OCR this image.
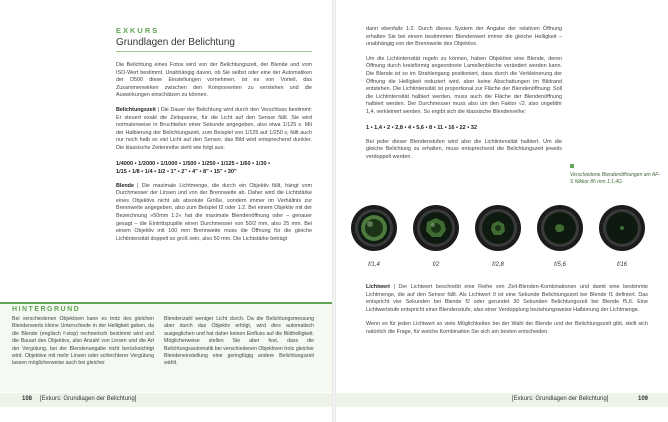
EXKURS
Grundlagen der Belichtung

Die Belichtung eines Fotos wird von der Belichtungszeit, der Blende und vom ISO-Wert bestimmt. Unabhängig davon, ob Sie selbst oder eine der Automatiken der D500 diese Einstellungen vornehmen, ist es von Vorteil, das Zusammenwirken zwischen den Komponenten zu verstehen und die Auswirkungen einschätzen zu können.

Belichtungszeit | Die Dauer der Belichtung wird durch den Verschluss bestimmt: Er steuert exakt die Zeitspanne, für die Licht auf den Sensor fällt. Sie wird normalerweise in Bruchteilen einer Sekunde angegeben, also etwa 1/125 s. Mit der Halbierung der Belichtungszeit, zum Beispiel von 1/125 auf 1/250 s, fällt auch nur noch halb so viel Licht auf den Sensor, das Bild wird entsprechend dunkler. Die klassische Zeitenreihe sieht wie folgt aus:

1/4000 • 1/2000 • 1/1000 • 1/500 • 1/250 • 1/125 • 1/60 • 1/30 •
1/15 • 1/8 • 1/4 • 1/2 • 1" • 2" • 4" • 8" • 15" • 30"

Blende | Die maximale Lichtmenge, die durch ein Objektiv fällt, hängt vom Durchmesser der Linsen und von der Brennweite ab. Daher wird die Lichtstärke eines Objektivs nicht als absolute Größe, sondern immer im Verhältnis zur Brennweite angegeben, also zum Beispiel f2 oder 1:2. Bei einem Objektiv mit der Bezeichnung »50mm 1:2« hat die maximale Blendenöffnung oder – genauer gesagt – die Eintrittspupille einen Durchmesser von 50/2 mm, also 25 mm. Bei einem Objektiv mit 100 mm Brennweite muss die Öffnung für die gleiche Lichtintensität doppelt so groß sein, also 50 mm. Die Lichtstärke beträgt

HINTERGRUND
Bei verschiedenen Objektiven kann es trotz des gleichen Blendenwerts kleine Unterschiede in der Helligkeit geben, da die Blende (englisch f-stop) rechnerisch bestimmt wird und die Bauart des Objektivs, also Anzahl von Linsen und die Art der Vergütung, bei der Blendenangabe nicht berücksichtigt wird. Objektive mit mehr Linsen oder schlechterer Vergütung lassen möglicherweise auch bei gleicher
Blendenzahl weniger Licht durch. Da die Belichtungsmessung aber durch das Objektiv erfolgt, wird dies automatisch ausgeglichen und hat daher keinen Einfluss auf die Bildhelligkeit. Möglicherweise stellen Sie aber fest, dass die Belichtungsautomatik bei verschiedenen Objektiven trotz gleicher Blendeneinstellung eine geringfügig andere Belichtungszeit wählt.
108 [Exkurs: Grundlagen der Belichtung]

dann ebenfalls 1:2. Durch dieses System der Angabe der relativen Öffnung erhalten Sie bei einem bestimmten Blendenwert immer die gleiche Helligkeit – unabhängig von der Brennweite des Objektivs.

Um die Lichtintensität regeln zu können, haben Objektive eine Blende, deren Öffnung durch kreisförmig angeordnete Lamellenbleche verändert werden kann. Die Blende ist so im Strahlengang positioniert, dass durch die Verkleinerung der Öffnung die Helligkeit reduziert wird, aber keine Abschattungen im Bildrand entstehen. Die Lichtintensität ist proportional zur Fläche der Blendenöffnung: Soll die Lichtintensität halbiert werden, muss auch die Fläche der Blendenöffnung halbiert werden. Der Durchmesser muss also um den Faktor √2, also ungefähr 1,4, verkleinert werden. So ergibt sich die klassische Blendenreihe:

1 • 1,4 • 2 • 2,8 • 4 • 5,6 • 8 • 11 • 16 • 22 • 32

Bei jeder dieser Blendenstufen wird also die Lichtintensität halbiert. Um die gleiche Belichtung zu erhalten, muss entsprechend die Belichtungszeit jeweils verdoppelt werden.

Verschiedene Blendenöffnungen am AF-S Nikkor 85 mm 1:1,4G
f/1,4	f/2	f/2,8	f/5,6	f/16

Lichtwert | Der Lichtwert beschreibt eine Reihe von Zeit-Blenden-Kombinationen und damit eine bestimmte Lichtmenge, die auf den Sensor fällt. Als Lichtwert 0 ist eine Sekunde Belichtungszeit bei Blende f1 definiert. Das entspricht vier Sekunden bei Blende f2 oder gerundet 30 Sekunden Belichtungszeit bei Blende f5,6. Eine Lichtwertstufe entspricht einer Blendenstufe, also einer Verdopplung beziehungsweise Halbierung der Lichtmenge.

Wenn es für jeden Lichtwert so viele Möglichkeiten bei der Wahl der Blende und der Belichtungszeit gibt, stellt sich natürlich die Frage, für welche Kombination Sie sich am besten entscheiden.

[Exkurs: Grundlagen der Belichtung]	109
